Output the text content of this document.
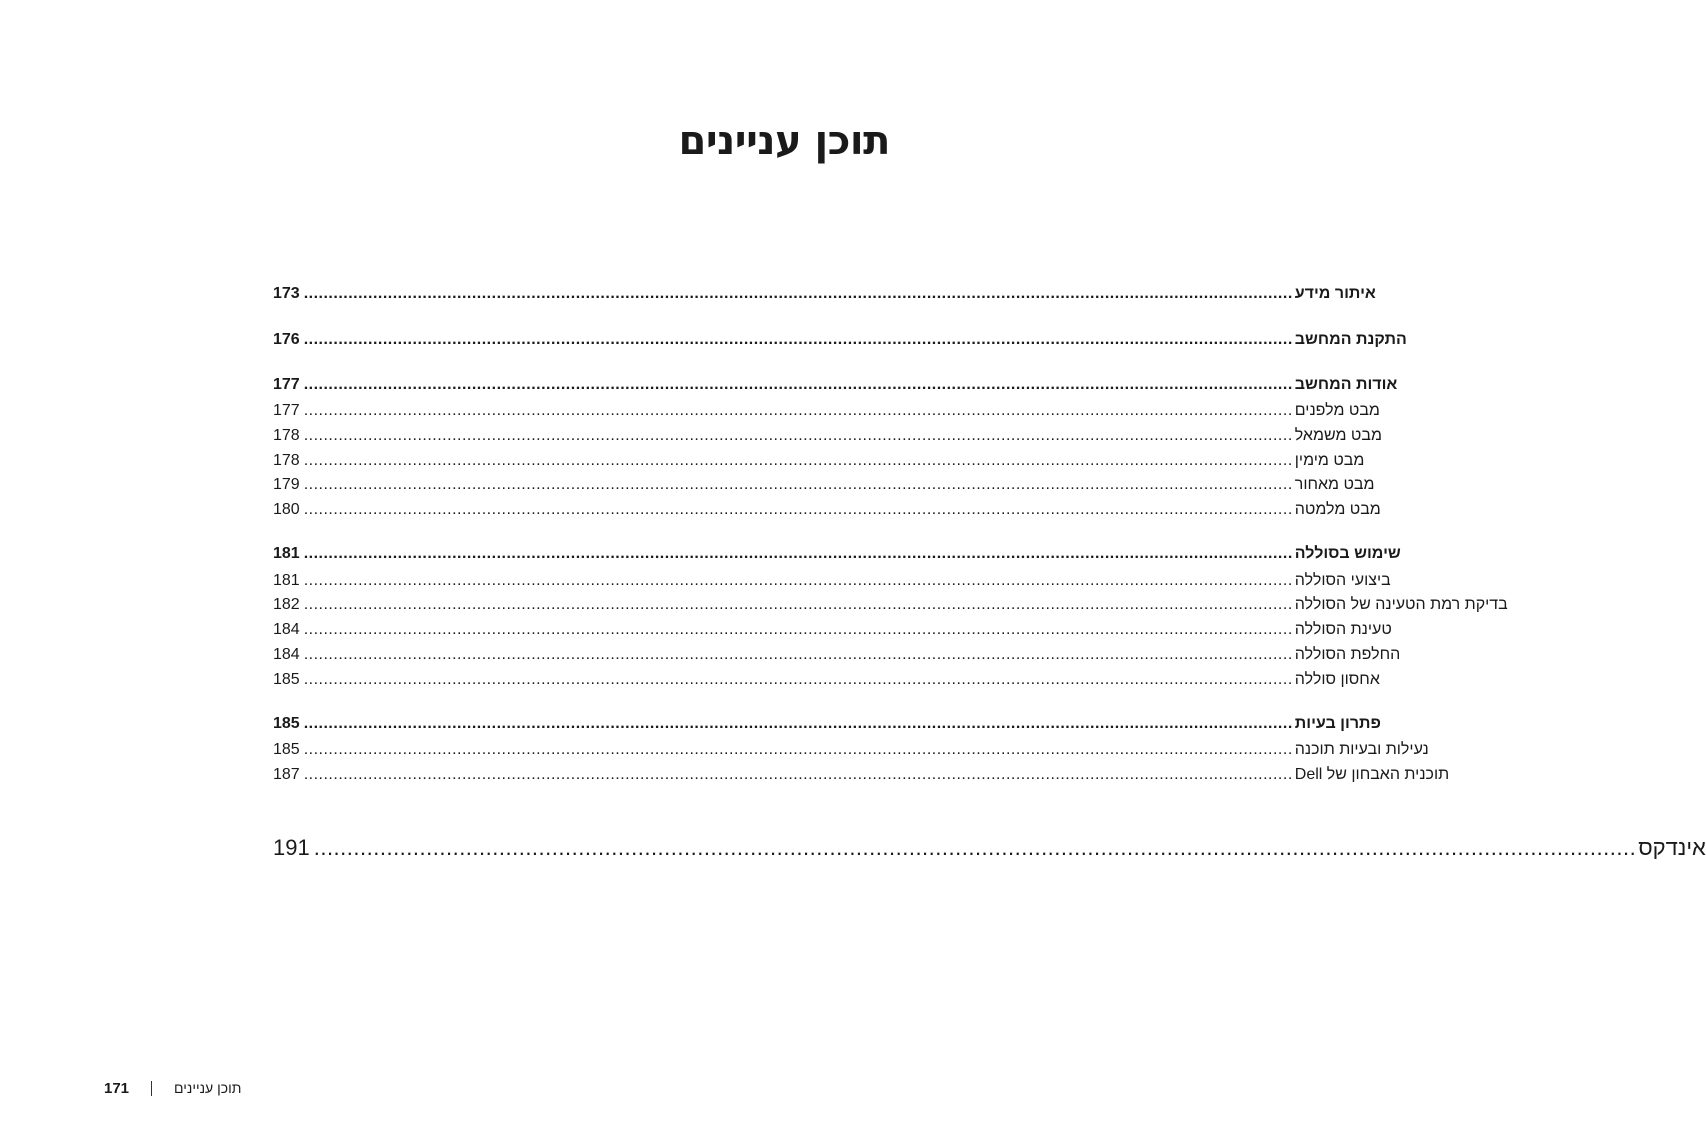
תוכן עניינים
173 ........................................................................................................................................................................................................ איתור מידע
176 ........................................................................................................................................................................................................ התקנת המחשב
177 ........................................................................................................................................................................................................ אודות המחשב
177 ........................................................................................................................................................................................................ מבט מלפנים
178 ........................................................................................................................................................................................................ מבט משמאל
178 ........................................................................................................................................................................................................ מבט מימין
179 ........................................................................................................................................................................................................ מבט מאחור
180 ........................................................................................................................................................................................................ מבט מלמטה
181 ........................................................................................................................................................................................................ שימוש בסוללה
181 ........................................................................................................................................................................................................ ביצועי הסוללה
182 ........................................................................................................................................................................................................ בדיקת רמת הטעינה של הסוללה
184 ........................................................................................................................................................................................................ טעינת הסוללה
184 ........................................................................................................................................................................................................ החלפת הסוללה
185 ........................................................................................................................................................................................................ אחסון סוללה
185 ........................................................................................................................................................................................................ פתרון בעיות
185 ........................................................................................................................................................................................................ נעילות ובעיות תוכנה
187 ........................................................................................................................................................................................................ תוכנית האבחון של Dell
191 ........................................................................................................................................................................................................ אינדקס
171	תוכן עניינים
